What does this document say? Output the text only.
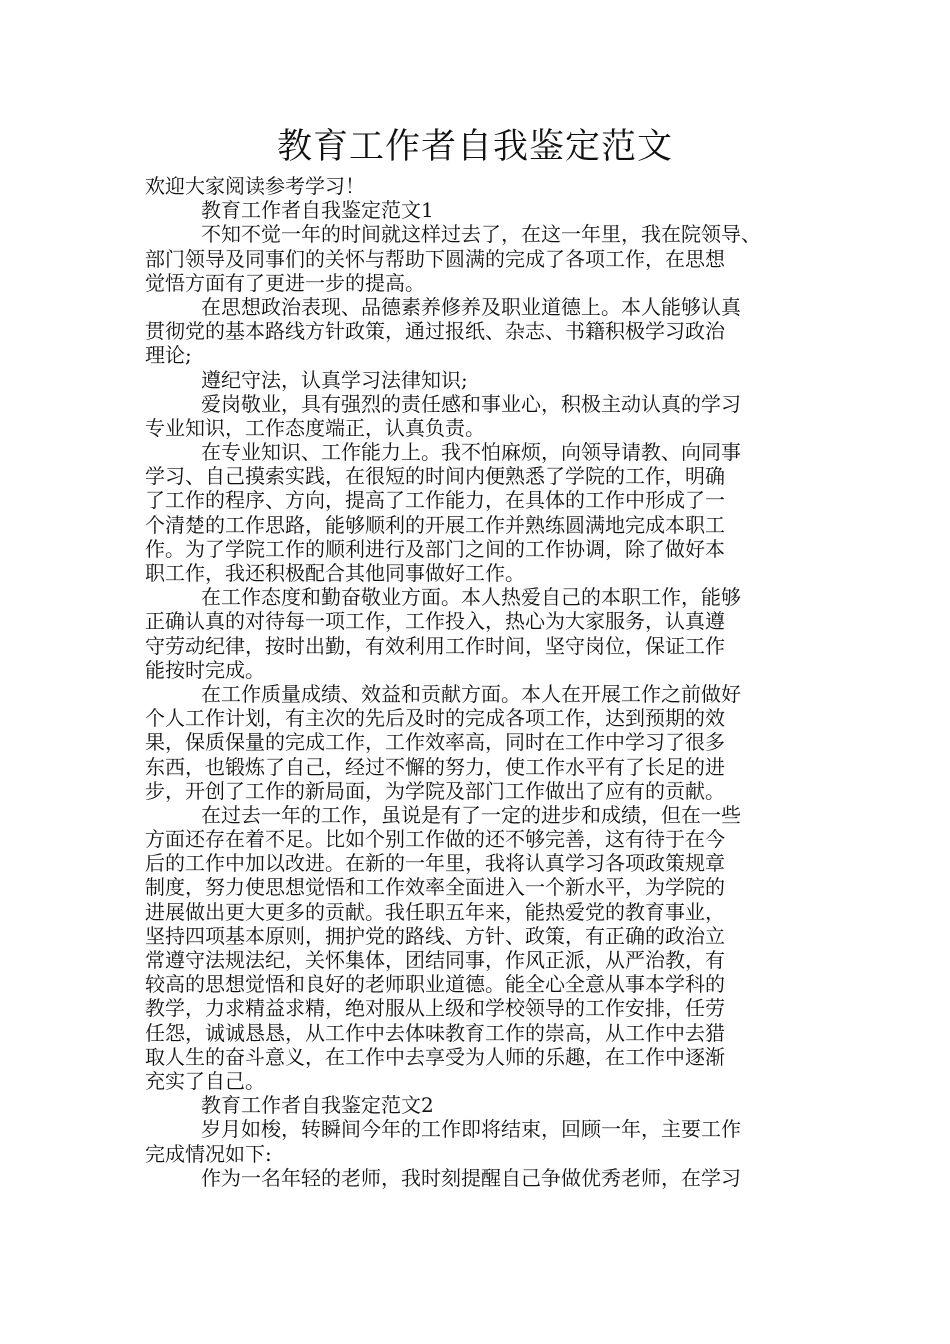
教育工作者自我鉴定范文
欢迎大家阅读参考学习！
教育工作者自我鉴定范文1
不知不觉一年的时间就这样过去了，在这一年里，我在院领导、
部门领导及同事们的关怀与帮助下圆满的完成了各项工作，在思想
觉悟方面有了更进一步的提高。
在思想政治表现、品德素养修养及职业道德上。本人能够认真
贯彻党的基本路线方针政策，通过报纸、杂志、书籍积极学习政治
理论;
遵纪守法，认真学习法律知识;
爱岗敬业，具有强烈的责任感和事业心，积极主动认真的学习
专业知识，工作态度端正，认真负责。
在专业知识、工作能力上。我不怕麻烦，向领导请教、向同事
学习、自己摸索实践，在很短的时间内便熟悉了学院的工作，明确
了工作的程序、方向，提高了工作能力，在具体的工作中形成了一
个清楚的工作思路，能够顺利的开展工作并熟练圆满地完成本职工
作。为了学院工作的顺利进行及部门之间的工作协调，除了做好本
职工作，我还积极配合其他同事做好工作。
在工作态度和勤奋敬业方面。本人热爱自己的本职工作，能够
正确认真的对待每一项工作，工作投入，热心为大家服务，认真遵
守劳动纪律，按时出勤，有效利用工作时间，坚守岗位，保证工作
能按时完成。
在工作质量成绩、效益和贡献方面。本人在开展工作之前做好
个人工作计划，有主次的先后及时的完成各项工作，达到预期的效
果，保质保量的完成工作，工作效率高，同时在工作中学习了很多
东西，也锻炼了自己，经过不懈的努力，使工作水平有了长足的进
步，开创了工作的新局面，为学院及部门工作做出了应有的贡献。
在过去一年的工作，虽说是有了一定的进步和成绩，但在一些
方面还存在着不足。比如个别工作做的还不够完善，这有待于在今
后的工作中加以改进。在新的一年里，我将认真学习各项政策规章
制度，努力使思想觉悟和工作效率全面进入一个新水平，为学院的
进展做出更大更多的贡献。我任职五年来，能热爱党的教育事业，
坚持四项基本原则，拥护党的路线、方针、政策，有正确的政治立
常遵守法规法纪，关怀集体，团结同事，作风正派，从严治教，有
较高的思想觉悟和良好的老师职业道德。能全心全意从事本学科的
教学，力求精益求精，绝对服从上级和学校领导的工作安排，任劳
任怨，诚诚恳恳，从工作中去体味教育工作的崇高，从工作中去猎
取人生的奋斗意义，在工作中去享受为人师的乐趣，在工作中逐渐
充实了自己。
教育工作者自我鉴定范文2
岁月如梭，转瞬间今年的工作即将结束，回顾一年，主要工作
完成情况如下:
作为一名年轻的老师，我时刻提醒自己争做优秀老师，在学习
